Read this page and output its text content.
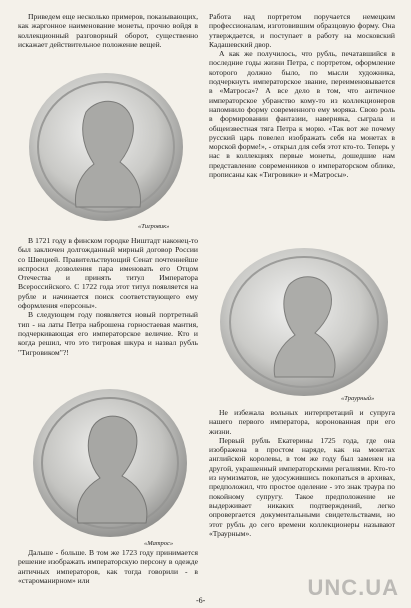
Приведем еще несколько примеров, показывающих, как жаргонное наименование монеты, прочно войдя в коллекционный разговорный оборот, существенно искажает действительное положение вещей.

«Тигровик»

В 1721 году в финском городке Ништадт наконец-то был заключен долгожданный мирный договор России со Швецией. Правительствующий Сенат почтеннейше испросил дозволения пара именовать его Отцом Отечества и принять титул Императора Всероссийского. С 1722 года этот титул появляется на рубле и начинается поиск соответствующего ему оформления «персоны».

В следующем году появляется новый портретный тип - на латы Петра наброшена горностаевая мантия, подчеркивающая его императорское величие. Кто и когда решил, что это тигровая шкура и назвал рубль "Тигровиком"?!

«Матрос»

Дальше - больше. В том же 1723 году принимается решение изображать императорскую персону в одежде античных императоров, как тогда говорили - в «староманирном» или

Работа над портретом поручается немецким профессионалам, изготовившим образцовую форму. Она утверждается, и поступает в работу на московский Кадашевский двор.

А как же получилось, что рубль, печатавшийся в последние годы жизни Петра, с портретом, оформление которого должно было, по мысли художника, подчеркнуть императорское звание, переименовывается в «Матроса»? А все дело в том, что античное императорское убранство кому-то из коллекционеров напомнило форму современного ему моряка. Свою роль в формировании фантазии, наверняка, сыграла и общеизвестная тяга Петра к морю. «Так вот же почему русский царь повелел изображать себя на монетах в морской форме!», - открыл для себя этот кто-то. Теперь у нас в коллекциях первые монеты, дошедшие нам представление современников о императорском облике, прописаны как «Тигровики» и «Матросы».

«Траурный»

Не избежала вольных интерпретаций и супруга нашего первого императора, коронованная при его жизни.

Первый рубль Екатерины 1725 года, где она изображена в простом наряде, как на монетах английской королевы, в том же году был заменен на другой, украшенный императорскими регалиями. Кто-то из нумизматов, не удосужившись покопаться в архивах, предположил, что простое оделение - это знак траура по покойному супругу. Такое предположение не выдерживает никаких подтверждений, легко опровергается документальными свидетельствами, но этот рубль до сего времени коллекционеры называют «Траурным».

-6-
UNC.UA
